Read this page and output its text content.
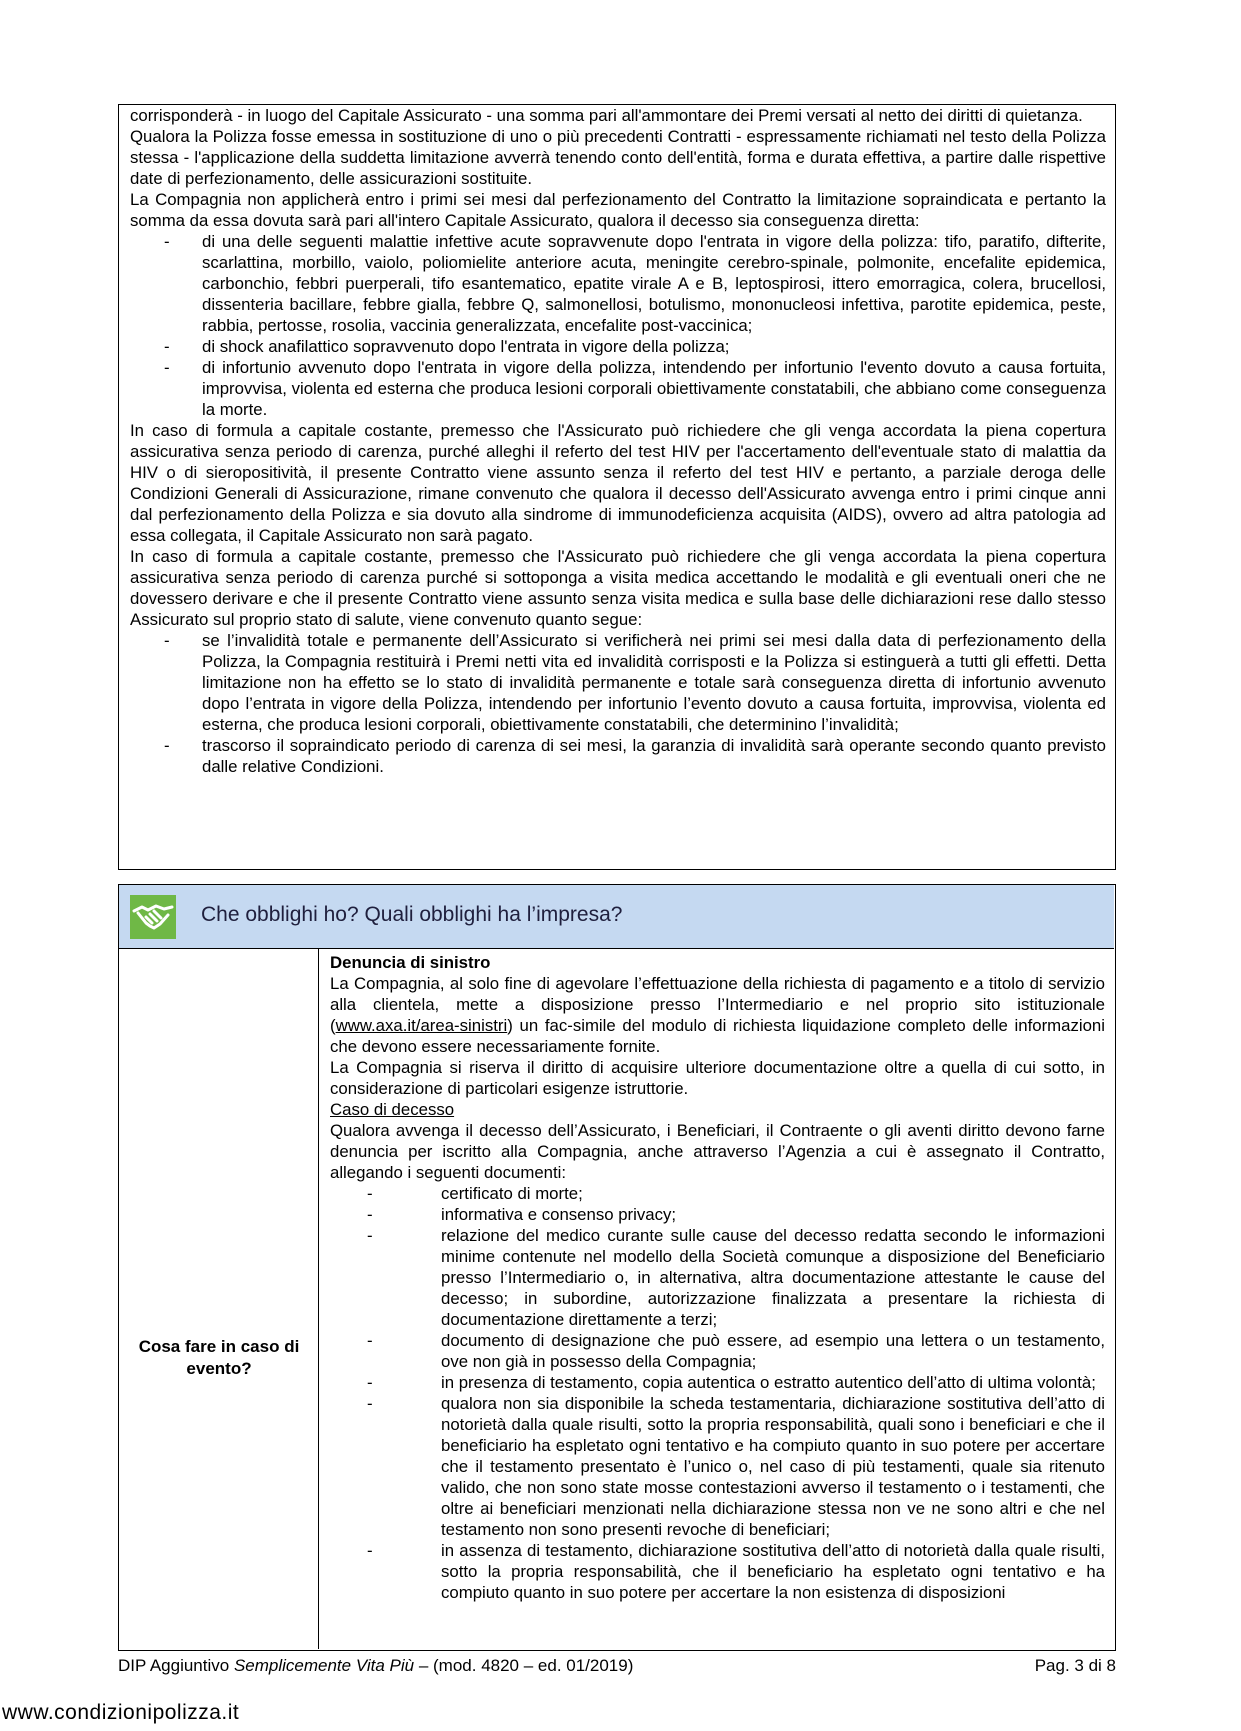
corrisponderà - in luogo del Capitale Assicurato - una somma pari all'ammontare dei Premi versati al netto dei diritti di quietanza.

Qualora la Polizza fosse emessa in sostituzione di uno o più precedenti Contratti - espressamente richiamati nel testo della Polizza stessa - l'applicazione della suddetta limitazione avverrà tenendo conto dell'entità, forma e durata effettiva, a partire dalle rispettive date di perfezionamento, delle assicurazioni sostituite.

La Compagnia non applicherà entro i primi sei mesi dal perfezionamento del Contratto la limitazione sopraindicata e pertanto la somma da essa dovuta sarà pari all'intero Capitale Assicurato, qualora il decesso sia conseguenza diretta:

-	di una delle seguenti malattie infettive acute sopravvenute dopo l'entrata in vigore della polizza: tifo, paratifo, difterite, scarlattina, morbillo, vaiolo, poliomielite anteriore acuta, meningite cerebro-spinale, polmonite, encefalite epidemica, carbonchio, febbri puerperali, tifo esantematico, epatite virale A e B, leptospirosi, ittero emorragica, colera, brucellosi, dissenteria bacillare, febbre gialla, febbre Q, salmonellosi, botulismo, mononucleosi infettiva, parotite epidemica, peste, rabbia, pertosse, rosolia, vaccinia generalizzata, encefalite post-vaccinica;
-	di shock anafilattico sopravvenuto dopo l'entrata in vigore della polizza;
-	di infortunio avvenuto dopo l'entrata in vigore della polizza, intendendo per infortunio l'evento dovuto a causa fortuita, improvvisa, violenta ed esterna che produca lesioni corporali obiettivamente constatabili, che abbiano come conseguenza la morte.

In caso di formula a capitale costante, premesso che l'Assicurato può richiedere che gli venga accordata la piena copertura assicurativa senza periodo di carenza, purché alleghi il referto del test HIV per l'accertamento dell'eventuale stato di malattia da HIV o di sieropositività, il presente Contratto viene assunto senza il referto del test HIV e pertanto, a parziale deroga delle Condizioni Generali di Assicurazione, rimane convenuto che qualora il decesso dell'Assicurato avvenga entro i primi cinque anni dal perfezionamento della Polizza e sia dovuto alla sindrome di immunodeficienza acquisita (AIDS), ovvero ad altra patologia ad essa collegata, il Capitale Assicurato non sarà pagato.

In caso di formula a capitale costante, premesso che l'Assicurato può richiedere che gli venga accordata la piena copertura assicurativa senza periodo di carenza purché si sottoponga a visita medica accettando le modalità e gli eventuali oneri che ne dovessero derivare e che il presente Contratto viene assunto senza visita medica e sulla base delle dichiarazioni rese dallo stesso Assicurato sul proprio stato di salute, viene convenuto quanto segue:

-	se l’invalidità totale e permanente dell’Assicurato si verificherà nei primi sei mesi dalla data di perfezionamento della Polizza, la Compagnia restituirà i Premi netti vita ed invalidità corrisposti e la Polizza si estinguerà a tutti gli effetti. Detta limitazione non ha effetto se lo stato di invalidità permanente e totale sarà conseguenza diretta di infortunio avvenuto dopo l’entrata in vigore della Polizza, intendendo per infortunio l’evento dovuto a causa fortuita, improvvisa, violenta ed esterna, che produca lesioni corporali, obiettivamente constatabili, che determinino l’invalidità;
-	trascorso il sopraindicato periodo di carenza di sei mesi, la garanzia di invalidità sarà operante secondo quanto previsto dalle relative Condizioni.
Che obblighi ho? Quali obblighi ha l’impresa?
Cosa fare in caso di evento?

Denuncia di sinistro

La Compagnia, al solo fine di agevolare l’effettuazione della richiesta di pagamento e a titolo di servizio alla clientela, mette a disposizione presso l’Intermediario e nel proprio sito istituzionale (www.axa.it/area-sinistri) un fac-simile del modulo di richiesta liquidazione completo delle informazioni che devono essere necessariamente fornite.

La Compagnia si riserva il diritto di acquisire ulteriore documentazione oltre a quella di cui sotto, in considerazione di particolari esigenze istruttorie.

Caso di decesso

Qualora avvenga il decesso dell’Assicurato, i Beneficiari, il Contraente o gli aventi diritto devono farne denuncia per iscritto alla Compagnia, anche attraverso l’Agenzia a cui è assegnato il Contratto, allegando i seguenti documenti:

-	certificato di morte;
-	informativa e consenso privacy;
-	relazione del medico curante sulle cause del decesso redatta secondo le informazioni minime contenute nel modello della Società comunque a disposizione del Beneficiario presso l’Intermediario o, in alternativa, altra documentazione attestante le cause del decesso; in subordine, autorizzazione finalizzata a presentare la richiesta di documentazione direttamente a terzi;
-	documento di designazione che può essere, ad esempio una lettera o un testamento, ove non già in possesso della Compagnia;
-	in presenza di testamento, copia autentica o estratto autentico dell’atto di ultima volontà;
-	qualora non sia disponibile la scheda testamentaria, dichiarazione sostitutiva dell’atto di notorietà dalla quale risulti, sotto la propria responsabilità, quali sono i beneficiari e che il beneficiario ha espletato ogni tentativo e ha compiuto quanto in suo potere per accertare che il testamento presentato è l’unico o, nel caso di più testamenti, quale sia ritenuto valido, che non sono state mosse contestazioni avverso il testamento o i testamenti, che oltre ai beneficiari menzionati nella dichiarazione stessa non ve ne sono altri e che nel testamento non sono presenti revoche di beneficiari;
-	in assenza di testamento, dichiarazione sostitutiva dell’atto di notorietà dalla quale risulti, sotto la propria responsabilità, che il beneficiario ha espletato ogni tentativo e ha compiuto quanto in suo potere per accertare la non esistenza di disposizioni
DIP Aggiuntivo Semplicemente Vita Più – (mod. 4820 – ed. 01/2019)	Pag. 3 di 8
www.condizionipolizza.it
